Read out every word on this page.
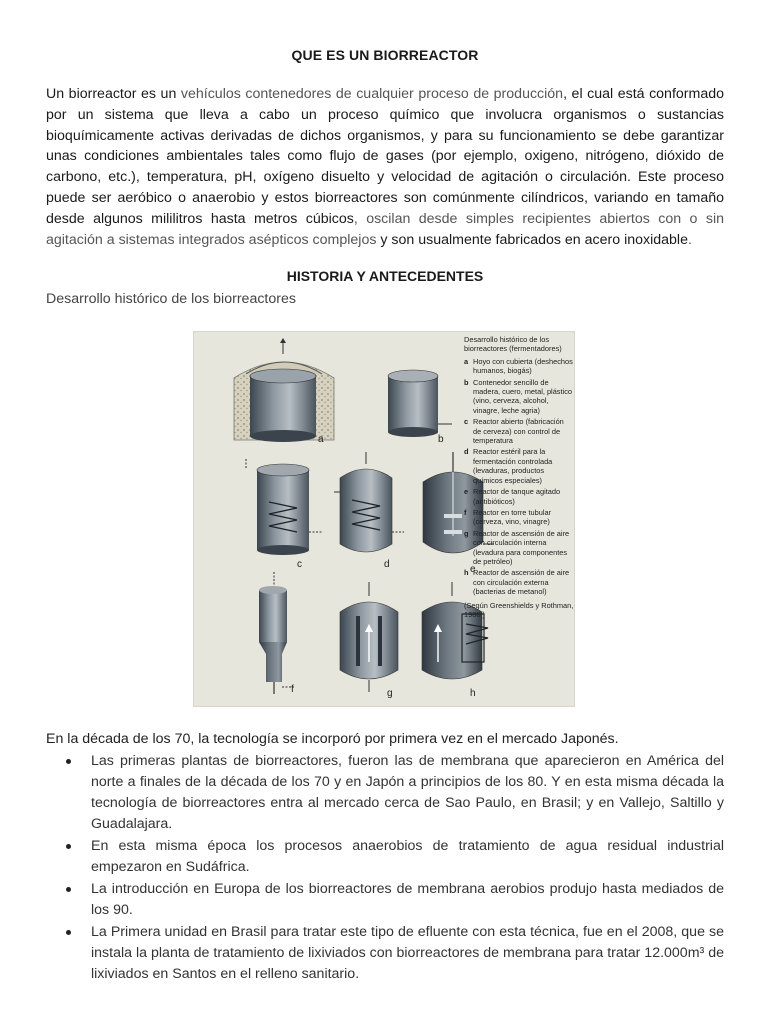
QUE ES UN BIORREACTOR

Un biorreactor es un vehículos contenedores de cualquier proceso de producción, el cual está conformado por un sistema que lleva a cabo un proceso químico que involucra organismos o sustancias bioquímicamente activas derivadas de dichos organismos, y para su funcionamiento se debe garantizar unas condiciones ambientales tales como flujo de gases (por ejemplo, oxigeno, nitrógeno, dióxido de carbono, etc.), temperatura, pH, oxígeno disuelto y velocidad de agitación o circulación. Este proceso puede ser aeróbico o anaerobio y estos biorreactores son comúnmente cilíndricos, variando en tamaño desde algunos mililitros hasta metros cúbicos, oscilan desde simples recipientes abiertos con o sin agitación a sistemas integrados asépticos complejos y son usualmente fabricados en acero inoxidable.

HISTORIA Y ANTECEDENTES

Desarrollo histórico de los biorreactores

a	b
c	d	e
f	g	h
Desarrollo histórico de los biorreactores (fermentadores)
a Hoyo con cubierta (deshechos humanos, biogás)
b Contenedor sencillo de madera, cuero, metal, plástico (vino, cerveza, alcohol, vinagre, leche agria)
c Reactor abierto (fabricación de cerveza) con control de temperatura
d Reactor estéril para la fermentación controlada (levaduras, productos químicos especiales)
e Reactor de tanque agitado (antibióticos)
f Reactor en torre tubular (cerveza, vino, vinagre)
g Reactor de ascensión de aire con circulación interna (levadura para componentes de petróleo)
h Reactor de ascensión de aire con circulación externa (bacterias de metanol)
(Según Greenshields y Rothman, 1986.)

En la década de los 70, la tecnología se incorporó por primera vez en el mercado Japonés.

Las primeras plantas de biorreactores, fueron las de membrana que aparecieron en América del norte a finales de la década de los 70 y en Japón a principios de los 80. Y en esta misma década la tecnología de biorreactores entra al mercado cerca de Sao Paulo, en Brasil; y en Vallejo, Saltillo y Guadalajara.
En esta misma época los procesos anaerobios de tratamiento de agua residual industrial empezaron en Sudáfrica.
La introducción en Europa de los biorreactores de membrana aerobios produjo hasta mediados de los 90.
La Primera unidad en Brasil para tratar este tipo de efluente con esta técnica, fue en el 2008, que se instala la planta de tratamiento de lixiviados con biorreactores de membrana para tratar 12.000m³ de lixiviados en Santos en el relleno sanitario.
